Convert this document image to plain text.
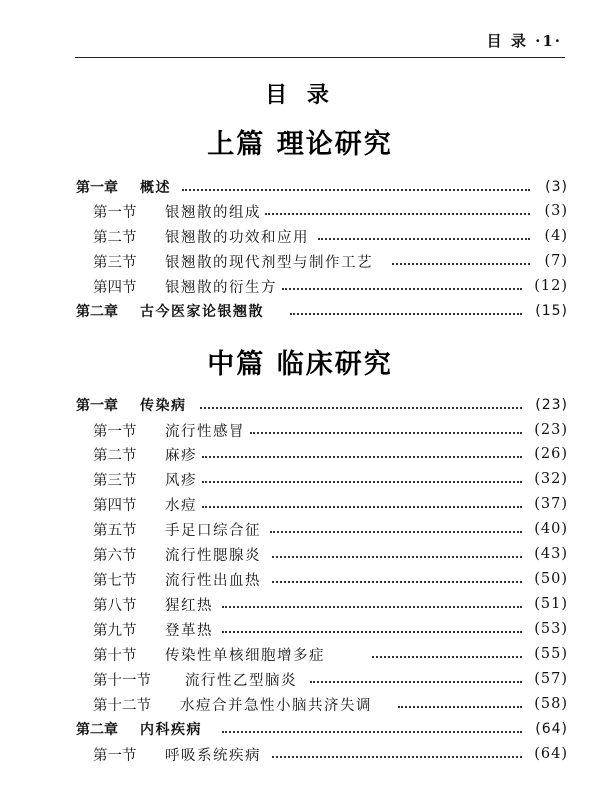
目 录 ·1·
目 录
上篇 理论研究
第一章 概述	(3)
第一节 银翘散的组成	(3)
第二节 银翘散的功效和应用	(4)
第三节 银翘散的现代剂型与制作工艺	(7)
第四节 银翘散的衍生方	(12)
第二章 古今医家论银翘散	(15)
中篇 临床研究
第一章 传染病	(23)
第一节 流行性感冒	(23)
第二节 麻疹	(26)
第三节 风疹	(32)
第四节 水痘	(37)
第五节 手足口综合征	(40)
第六节 流行性腮腺炎	(43)
第七节 流行性出血热	(50)
第八节 猩红热	(51)
第九节 登革热	(53)
第十节 传染性单核细胞增多症	(55)
第十一节 流行性乙型脑炎	(57)
第十二节 水痘合并急性小脑共济失调	(58)
第二章 内科疾病	(64)
第一节 呼吸系统疾病	(64)
